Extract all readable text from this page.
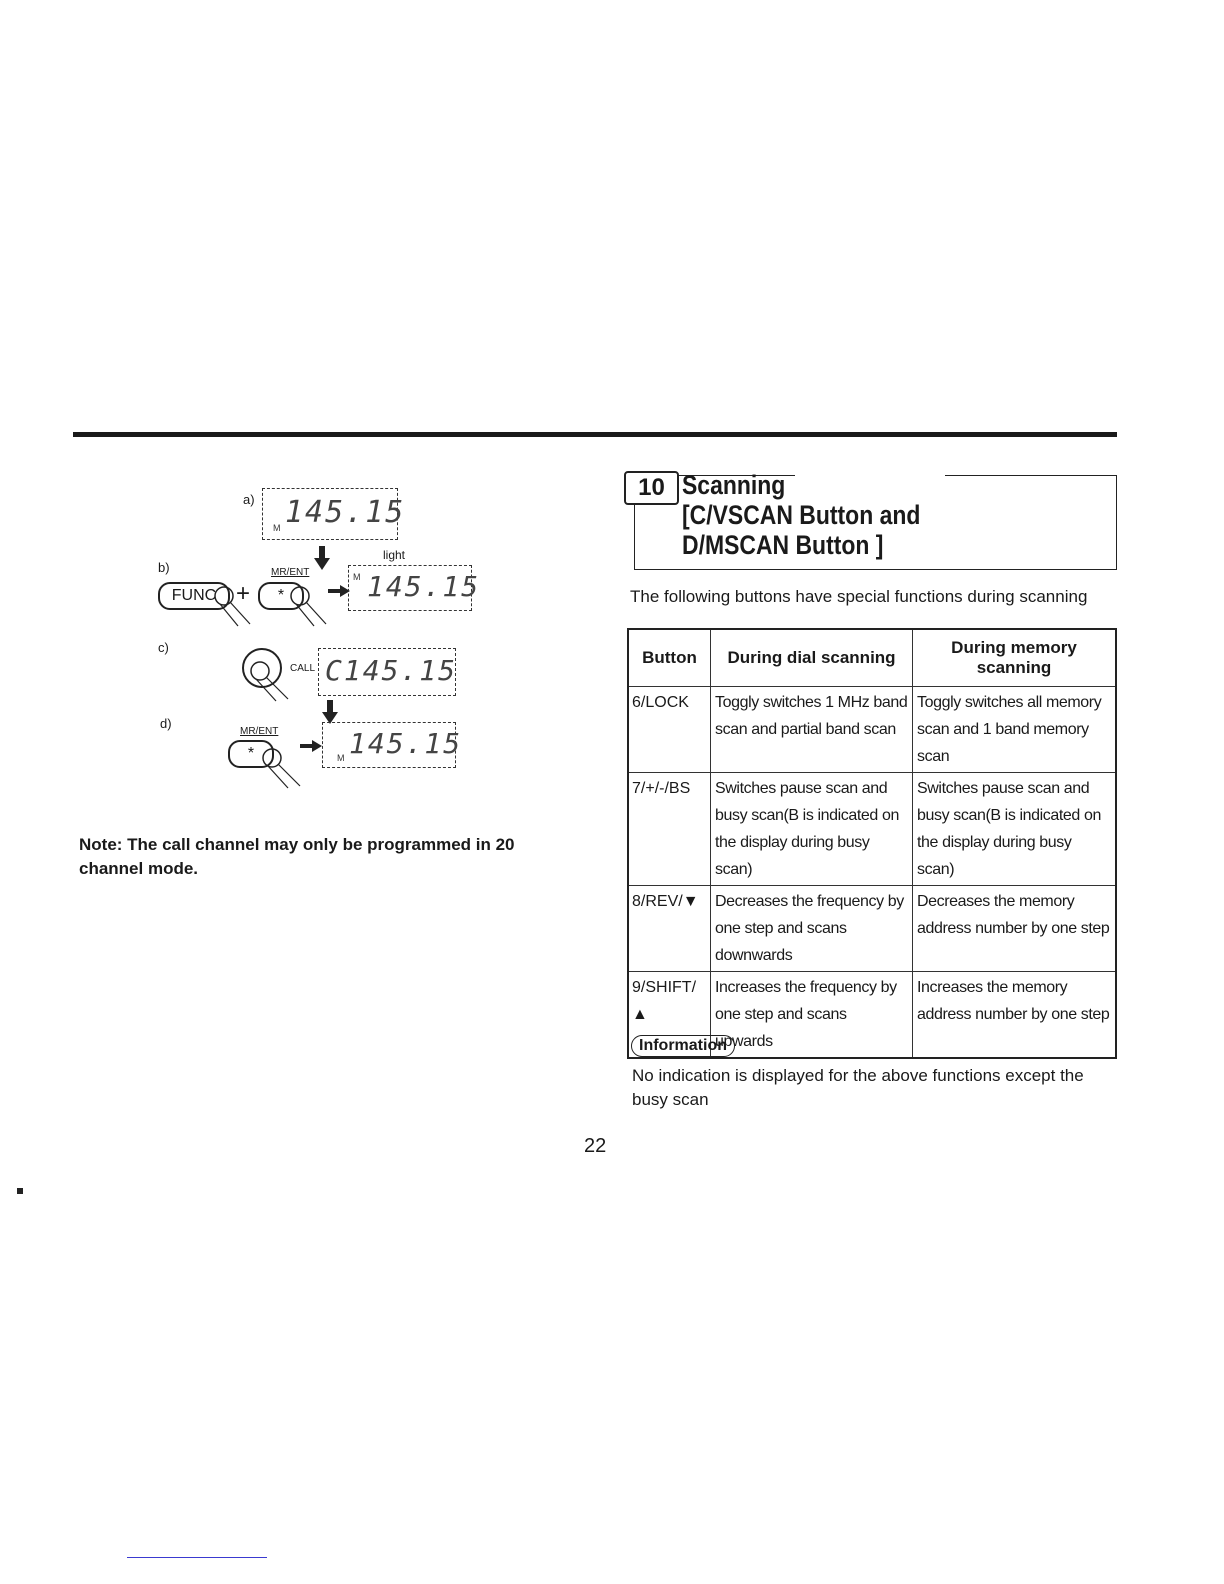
a)
M 145.15
b)
FUNC +
MR/ENT
*
light
M 145.15
c)
CALL C145.15
d)
MR/ENT
*	M 145.15
Note: The call channel may only be programmed in 20 channel mode.
10 Scanning
[C/VSCAN Button and
D/MSCAN Button ]
The following buttons have special functions during scanning
Button	During dial scanning	During memory scanning
6/LOCK	Toggly switches 1 MHz band scan and partial band scan	Toggly switches all memory scan and 1 band memory scan
7/+/-/BS	Switches pause scan and busy scan(B is indicated on the display during busy scan)	Switches pause scan and busy scan(B is indicated on the display during busy scan)
8/REV/▼	Decreases the frequency by one step and scans downwards	Decreases the memory address number by one step
9/SHIFT/▲	Increases the frequency by one step and scans upwards	Increases the memory address number by one step
Information
No indication is displayed for the above functions except the busy scan
22
